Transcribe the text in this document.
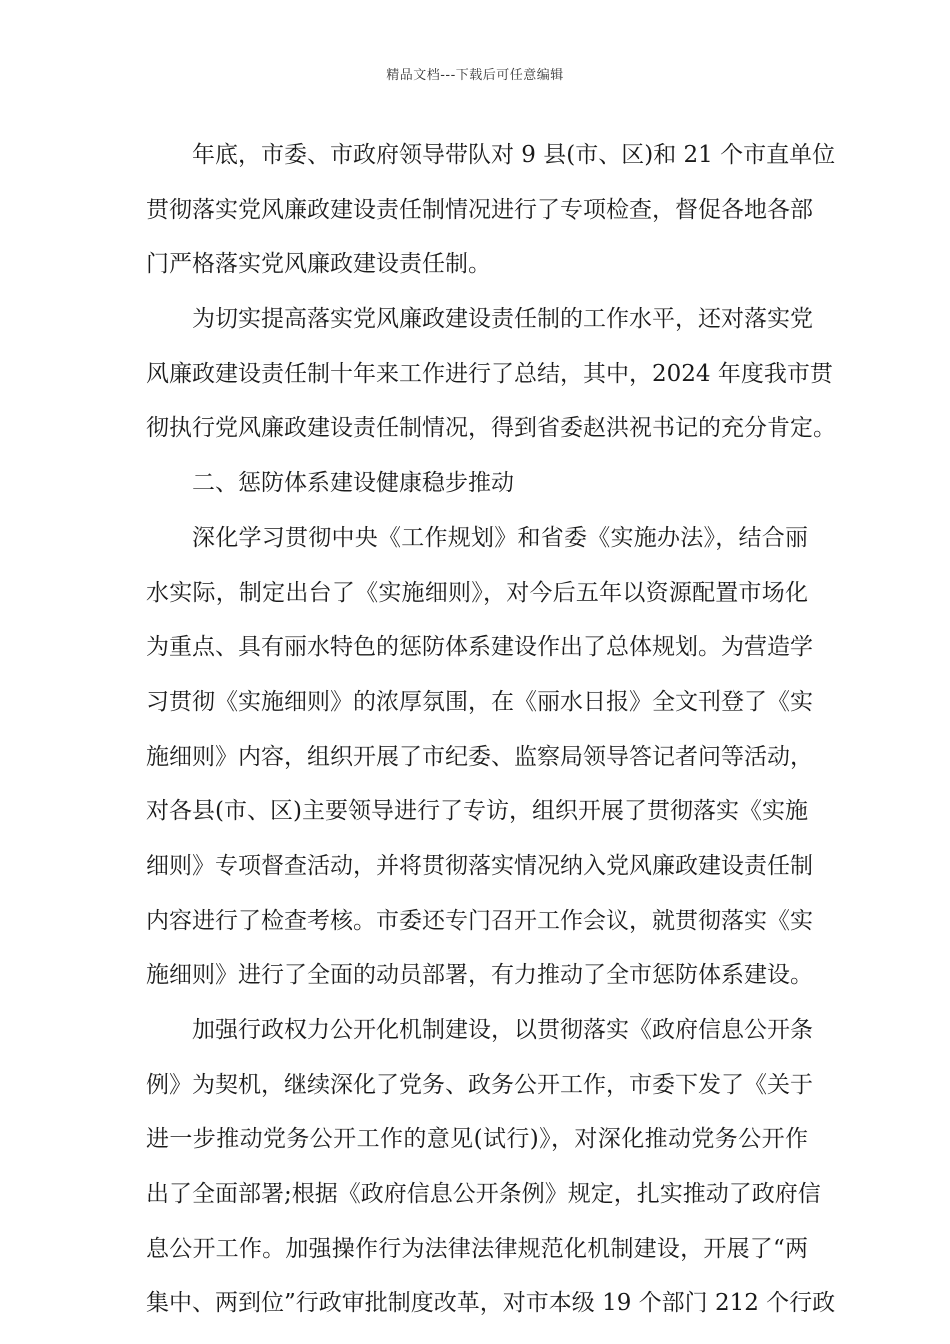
精品文档---下载后可任意编辑
年底，市委、市政府领导带队对 9 县(市、区)和 21 个市直单位
贯彻落实党风廉政建设责任制情况进行了专项检查，督促各地各部
门严格落实党风廉政建设责任制。
为切实提高落实党风廉政建设责任制的工作水平，还对落实党
风廉政建设责任制十年来工作进行了总结，其中，2024 年度我市贯
彻执行党风廉政建设责任制情况，得到省委赵洪祝书记的充分肯定。
二、惩防体系建设健康稳步推动
深化学习贯彻中央《工作规划》和省委《实施办法》，结合丽
水实际，制定出台了《实施细则》，对今后五年以资源配置市场化
为重点、具有丽水特色的惩防体系建设作出了总体规划。为营造学
习贯彻《实施细则》的浓厚氛围，在《丽水日报》全文刊登了《实
施细则》内容，组织开展了市纪委、监察局领导答记者问等活动，
对各县(市、区)主要领导进行了专访，组织开展了贯彻落实《实施
细则》专项督查活动，并将贯彻落实情况纳入党风廉政建设责任制
内容进行了检查考核。市委还专门召开工作会议，就贯彻落实《实
施细则》进行了全面的动员部署，有力推动了全市惩防体系建设。
加强行政权力公开化机制建设，以贯彻落实《政府信息公开条
例》为契机，继续深化了党务、政务公开工作，市委下发了《关于
进一步推动党务公开工作的意见(试行)》，对深化推动党务公开作
出了全面部署;根据《政府信息公开条例》规定，扎实推动了政府信
息公开工作。加强操作行为法律法律规范化机制建设，开展了“两
集中、两到位”行政审批制度改革，对市本级 19 个部门 212 个行政
